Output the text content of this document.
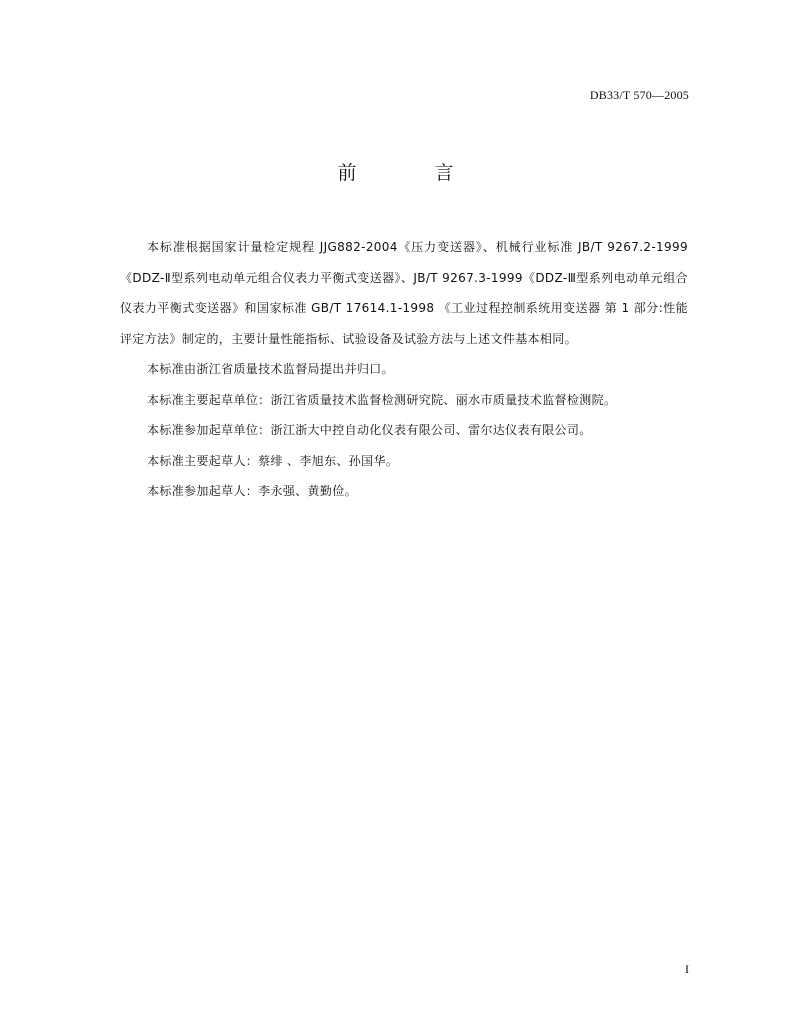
DB33/T 570—2005
前 言

本标准根据国家计量检定规程 JJG882-2004《压力变送器》、机械行业标准 JB/T 9267.2-1999《DDZ-Ⅱ型系列电动单元组合仪表力平衡式变送器》、JB/T 9267.3-1999《DDZ-Ⅲ型系列电动单元组合仪表力平衡式变送器》和国家标准 GB/T 17614.1-1998 《工业过程控制系统用变送器 第 1 部分:性能评定方法》制定的，主要计量性能指标、试验设备及试验方法与上述文件基本相同。

本标准由浙江省质量技术监督局提出并归口。

本标准主要起草单位：浙江省质量技术监督检测研究院、丽水市质量技术监督检测院。

本标准参加起草单位：浙江浙大中控自动化仪表有限公司、雷尔达仪表有限公司。

本标准主要起草人：蔡绯 、李旭东、孙国华。

本标准参加起草人：李永强、黄勤俭。

I
